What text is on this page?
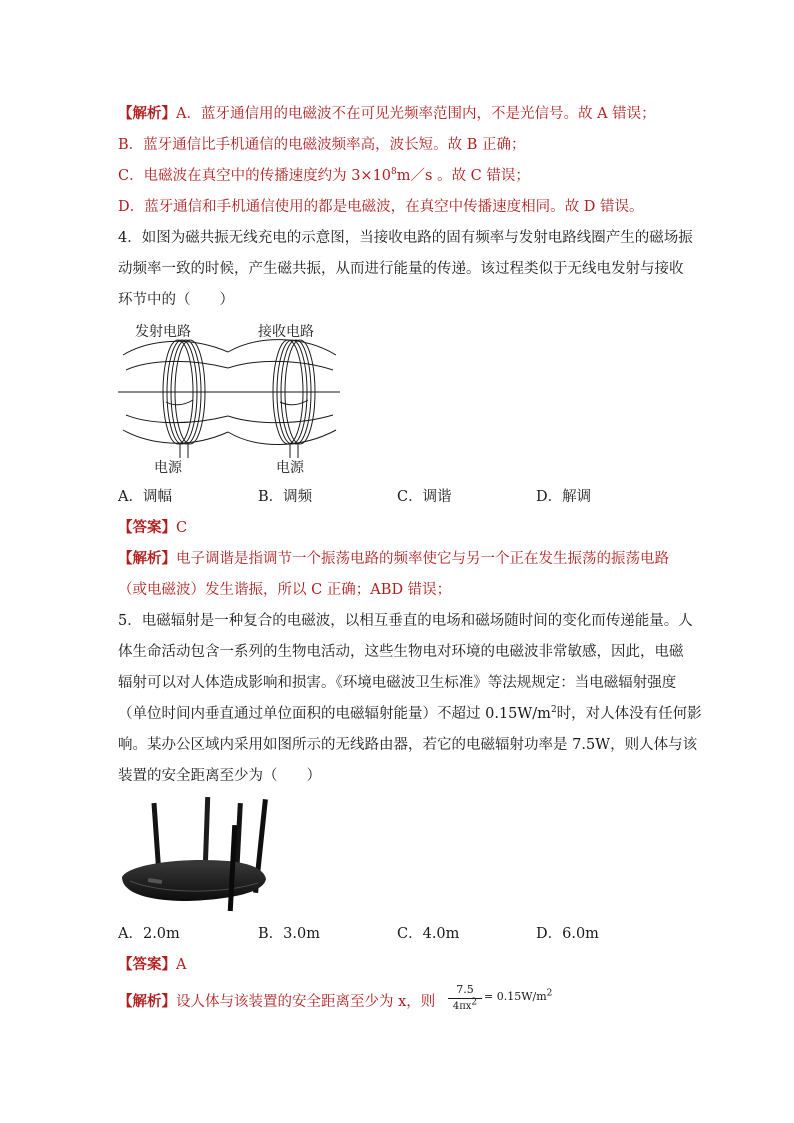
【解析】A．蓝牙通信用的电磁波不在可见光频率范围内，不是光信号。故 A 错误；
B．蓝牙通信比手机通信的电磁波频率高，波长短。故 B 正确；
C．电磁波在真空中的传播速度约为 $3\times 10^8m/s$ 。故 C 错误；
D．蓝牙通信和手机通信使用的都是电磁波，在真空中传播速度相同。故 D 错误。
4．如图为磁共振无线充电的示意图，当接收电路的固有频率与发射电路线圈产生的磁场振
动频率一致的时候，产生磁共振，从而进行能量的传递。该过程类似于无线电发射与接收
环节中的（　　）
发射电路	接收电路
电源	电源
A．调幅	B．调频	C．调谐	D．解调
【答案】C
【解析】电子调谐是指调节一个振荡电路的频率使它与另一个正在发生振荡的振荡电路
（或电磁波）发生谐振，所以 C 正确；ABD 错误；
5．电磁辐射是一种复合的电磁波，以相互垂直的电场和磁场随时间的变化而传递能量。人
体生命活动包含一系列的生物电活动，这些生物电对环境的电磁波非常敏感，因此，电磁
辐射可以对人体造成影响和损害。《环境电磁波卫生标准》等法规规定：当电磁辐射强度
（单位时间内垂直通过单位面积的电磁辐射能量）不超过 $0.15W/m^2$时，对人体没有任何影
响。某办公区域内采用如图所示的无线路由器，若它的电磁辐射功率是 7.5W，则人体与该
装置的安全距离至少为（　　）
A．2.0m	B．3.0m	C．4.0m	D．6.0m
【答案】A
【解析】设人体与该装置的安全距离至少为 x，则	$\frac{7.5}{4\pi x^2} = 0.15W/m^2$
